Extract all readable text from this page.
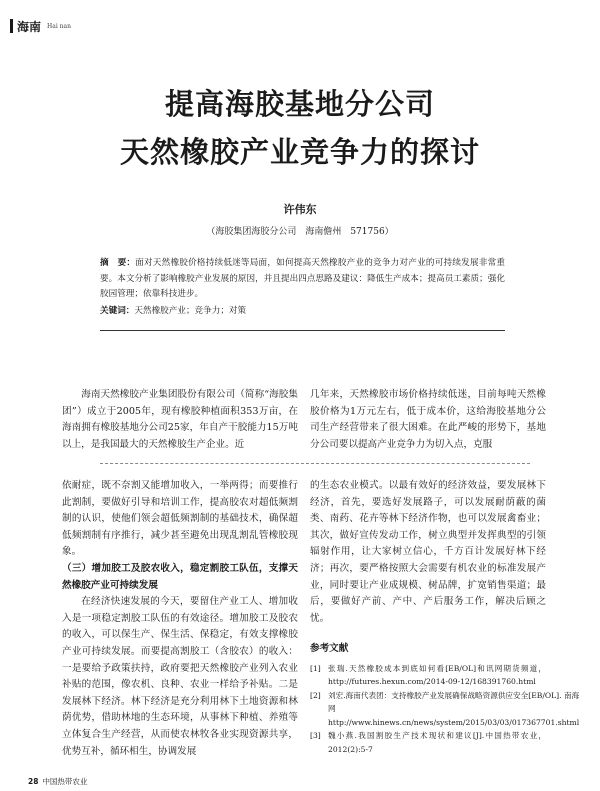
海南 Hai nan
提高海胶基地分公司
天然橡胶产业竞争力的探讨
许伟东
（海胶集团海胶分公司　海南儋州　571756）
摘　要：面对天然橡胶价格持续低迷等局面，如何提高天然橡胶产业的竞争力对产业的可持续发展非常重要。本文分析了影响橡胶产业发展的原因，并且提出四点思路及建议：降低生产成本；提高员工素质；强化胶园管理；依靠科技进步。
关键词：天然橡胶产业；竞争力；对策

海南天然橡胶产业集团股份有限公司（简称“海胶集团”）成立于2005年，现有橡胶种植面积353万亩，在海南拥有橡胶基地分公司25家，年自产干胶能力15万吨以上，是我国最大的天然橡胶生产企业。近

几年来，天然橡胶市场价格持续低迷，目前每吨天然橡胶价格为1万元左右，低于成本价，这给海胶基地分公司生产经营带来了很大困难。在此严峻的形势下，基地分公司要以提高产业竞争力为切入点，克服

依耐症，既不奈割又能增加收入，一举两得；而要推行此割制，要做好引导和培训工作，提高胶农对超低频割制的认识，使他们领会超低频割制的基础技术，确保超低频割制有序推行，减少甚至避免出现乱割乱管橡胶现象。

（三）增加胶工及胶农收入，稳定割胶工队伍，支撑天然橡胶产业可持续发展

在经济快速发展的今天，要留住产业工人、增加收入是一项稳定割胶工队伍的有效途径。增加胶工及胶农的收入，可以保生产、保生活、保稳定，有效支撑橡胶产业可持续发展。而要提高割胶工（含胶农）的收入：一是要给予政策扶持，政府要把天然橡胶产业列入农业补贴的范围，像农机、良种、农业一样给予补贴。二是发展林下经济。林下经济是充分利用林下土地资源和林荫优势，借助林地的生态环境，从事林下种植、养殖等立体复合生产经营，从而使农林牧各业实现资源共享，优势互补，循环相生，协调发展

的生态农业模式。以最有效好的经济效益，要发展林下经济，首先，要选好发展路子，可以发展耐荫蔽的菌类、南药、花卉等林下经济作物，也可以发展禽畜业；其次，做好宣传发动工作，树立典型并发挥典型的引领辐射作用，让大家树立信心，千方百计发展好林下经济；再次，要严格按照大会需要有机农业的标准发展产业，同时要让产业成规模、树品牌，扩宽销售渠道；最后，要做好产前、产中、产后服务工作，解决后顾之忧。

参考文献
[1] 张瑞.天然橡胶成本到底如何看[EB/OL]和讯网期货频道，http://futures.hexun.com/2014-09-12/168391760.html
[2] 刘宏.海南代表团：支持橡胶产业发展确保战略资源供应安全[EB/OL]. 南海网 http://www.hinews.cn/news/system/2015/03/03/017367701.shtml
[3] 魏小燕.我国割胶生产技术现状和建议[J].中国热带农业，2012(2):5-7
28 中国热带农业
